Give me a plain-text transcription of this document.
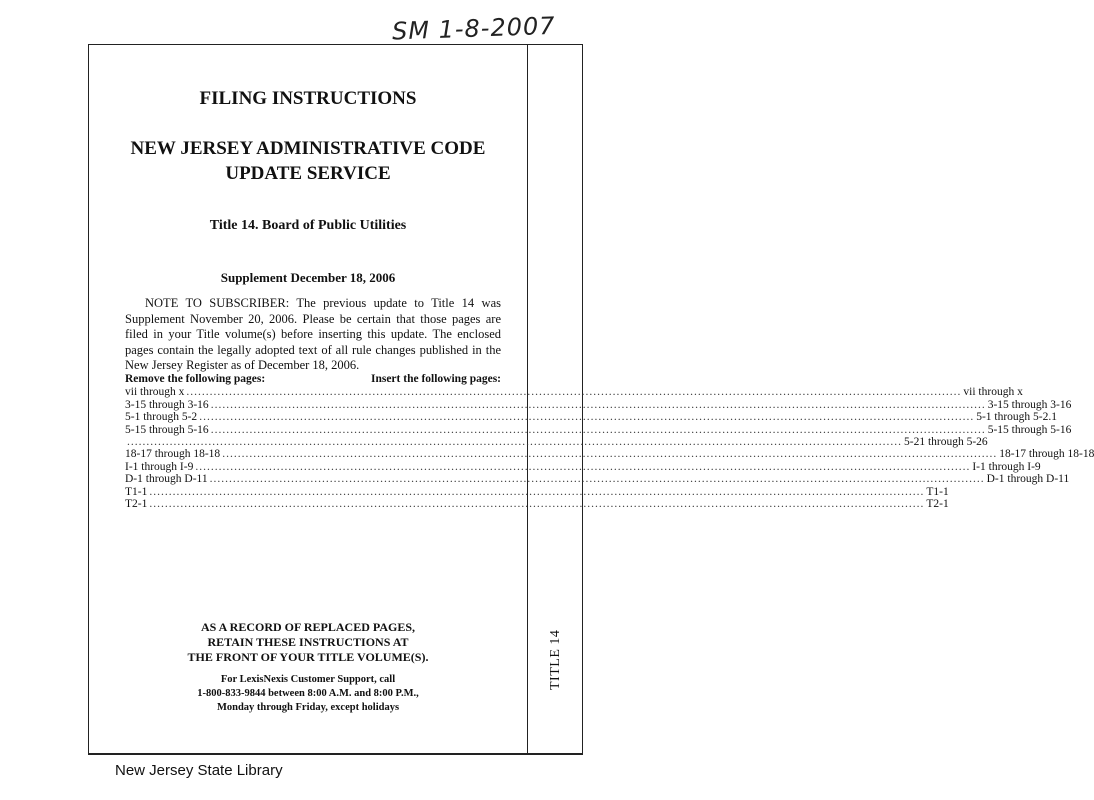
SM 1-8-2007
TITLE 14
FILING INSTRUCTIONS
NEW JERSEY ADMINISTRATIVE CODE
UPDATE SERVICE
Title 14. Board of Public Utilities
Supplement December 18, 2006

NOTE TO SUBSCRIBER: The previous update to Title 14 was Supplement November 20, 2006. Please be certain that those pages are filed in your Title volume(s) before inserting this update. The enclosed pages contain the legally adopted text of all rule changes published in the New Jersey Register as of December 18, 2006.

Remove the following pages:	Insert the following pages:
vii through x ........................................................................................................................................................................................................ vii through x
3-15 through 3-16 ........................................................................................................................................................................................................ 3-15 through 3-16
5-1 through 5-2 ........................................................................................................................................................................................................ 5-1 through 5-2.1
5-15 through 5-16 ........................................................................................................................................................................................................ 5-15 through 5-16
........................................................................................................................................................................................................ 5-21 through 5-26
18-17 through 18-18 ........................................................................................................................................................................................................ 18-17 through 18-18
I-1 through I-9 ........................................................................................................................................................................................................ I-1 through I-9
D-1 through D-11 ........................................................................................................................................................................................................ D-1 through D-11
T1-1 ........................................................................................................................................................................................................ T1-1
T2-1 ........................................................................................................................................................................................................ T2-1

AS A RECORD OF REPLACED PAGES,
RETAIN THESE INSTRUCTIONS AT
THE FRONT OF YOUR TITLE VOLUME(S).

For LexisNexis Customer Support, call
1-800-833-9844 between 8:00 A.M. and 8:00 P.M.,
Monday through Friday, except holidays

New Jersey State Library
